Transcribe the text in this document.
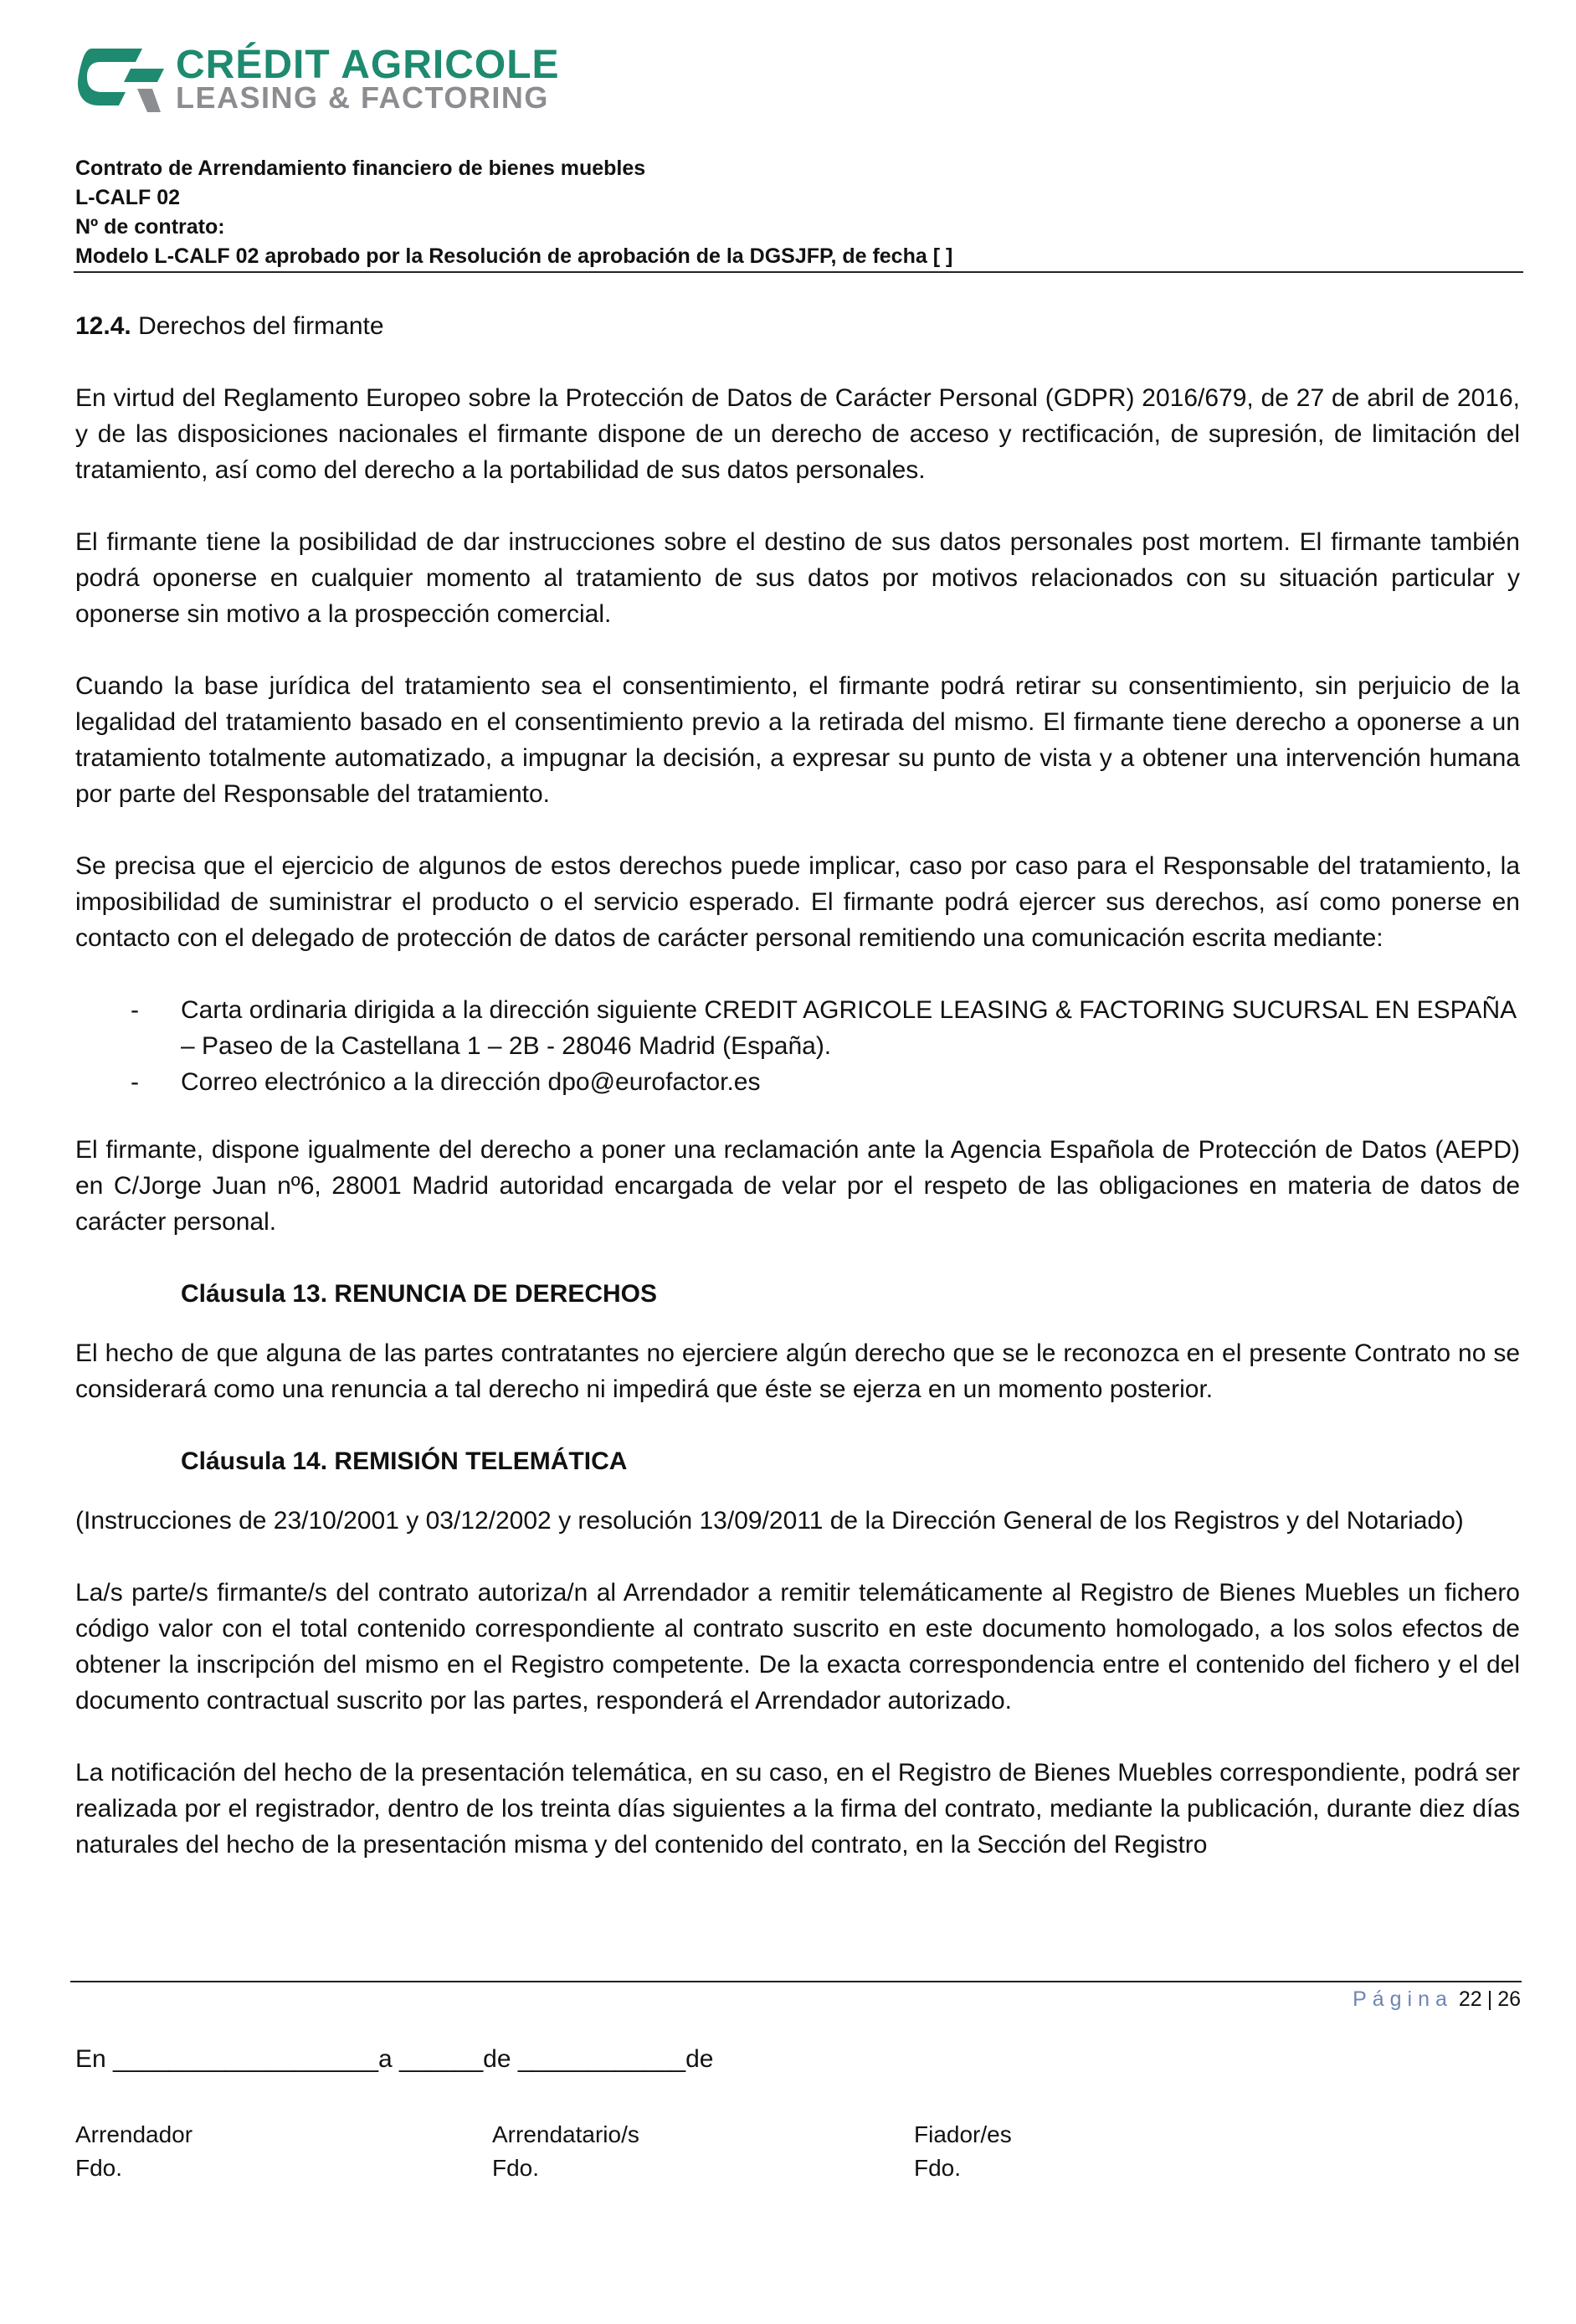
CRÉDIT AGRICOLE
LEASING & FACTORING
Contrato de Arrendamiento financiero de bienes muebles
L-CALF 02
Nº de contrato:
Modelo L-CALF 02 aprobado por la Resolución de aprobación de la DGSJFP, de fecha [ ]

12.4. Derechos del firmante

En virtud del Reglamento Europeo sobre la Protección de Datos de Carácter Personal (GDPR) 2016/679, de 27 de abril de 2016, y de las disposiciones nacionales el firmante dispone de un derecho de acceso y rectificación, de supresión, de limitación del tratamiento, así como del derecho a la portabilidad de sus datos personales.

El firmante tiene la posibilidad de dar instrucciones sobre el destino de sus datos personales post mortem. El firmante también podrá oponerse en cualquier momento al tratamiento de sus datos por motivos relacionados con su situación particular y oponerse sin motivo a la prospección comercial.

Cuando la base jurídica del tratamiento sea el consentimiento, el firmante podrá retirar su consentimiento, sin perjuicio de la legalidad del tratamiento basado en el consentimiento previo a la retirada del mismo. El firmante tiene derecho a oponerse a un tratamiento totalmente automatizado, a impugnar la decisión, a expresar su punto de vista y a obtener una intervención humana por parte del Responsable del tratamiento.

Se precisa que el ejercicio de algunos de estos derechos puede implicar, caso por caso para el Responsable del tratamiento, la imposibilidad de suministrar el producto o el servicio esperado. El firmante podrá ejercer sus derechos, así como ponerse en contacto con el delegado de protección de datos de carácter personal remitiendo una comunicación escrita mediante:

- Carta ordinaria dirigida a la dirección siguiente CREDIT AGRICOLE LEASING & FACTORING SUCURSAL EN ESPAÑA – Paseo de la Castellana 1 – 2B - 28046 Madrid (España).
- Correo electrónico a la dirección dpo@eurofactor.es

El firmante, dispone igualmente del derecho a poner una reclamación ante la Agencia Española de Protección de Datos (AEPD) en C/Jorge Juan nº6, 28001 Madrid autoridad encargada de velar por el respeto de las obligaciones en materia de datos de carácter personal.

Cláusula 13. RENUNCIA DE DERECHOS

El hecho de que alguna de las partes contratantes no ejerciere algún derecho que se le reconozca en el presente Contrato no se considerará como una renuncia a tal derecho ni impedirá que éste se ejerza en un momento posterior.

Cláusula 14. REMISIÓN TELEMÁTICA

(Instrucciones de 23/10/2001 y 03/12/2002 y resolución 13/09/2011 de la Dirección General de los Registros y del Notariado)

La/s parte/s firmante/s del contrato autoriza/n al Arrendador a remitir telemáticamente al Registro de Bienes Muebles un fichero código valor con el total contenido correspondiente al contrato suscrito en este documento homologado, a los solos efectos de obtener la inscripción del mismo en el Registro competente. De la exacta correspondencia entre el contenido del fichero y el del documento contractual suscrito por las partes, responderá el Arrendador autorizado.

La notificación del hecho de la presentación telemática, en su caso, en el Registro de Bienes Muebles correspondiente, podrá ser realizada por el registrador, dentro de los treinta días siguientes a la firma del contrato, mediante la publicación, durante diez días naturales del hecho de la presentación misma y del contenido del contrato, en la Sección del Registro

Página 22 | 26
En ___________________a ______de ____________de
Arrendador
Fdo.
Arrendatario/s
Fdo.
Fiador/es
Fdo.
